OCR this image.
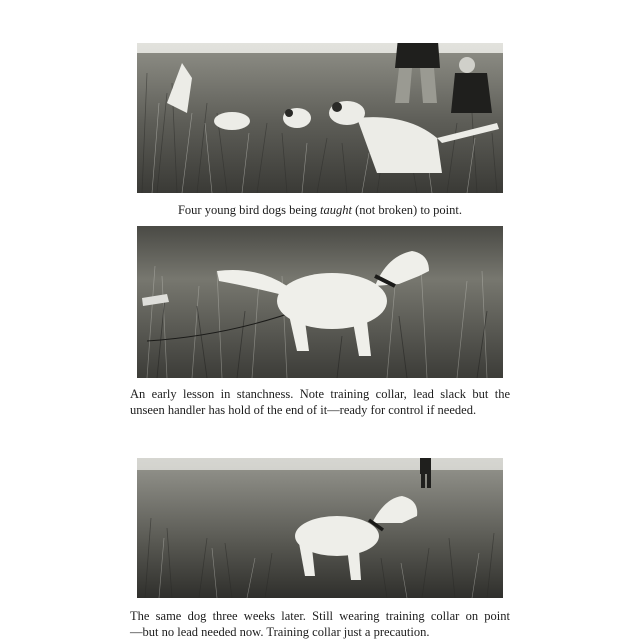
Four young bird dogs being taught (not broken) to point.

An early lesson in stanchness. Note training collar, lead slack but the
unseen handler has hold of the end of it—ready for control if needed.

The same dog three weeks later. Still wearing training collar on point
—but no lead needed now. Training collar just a precaution.
